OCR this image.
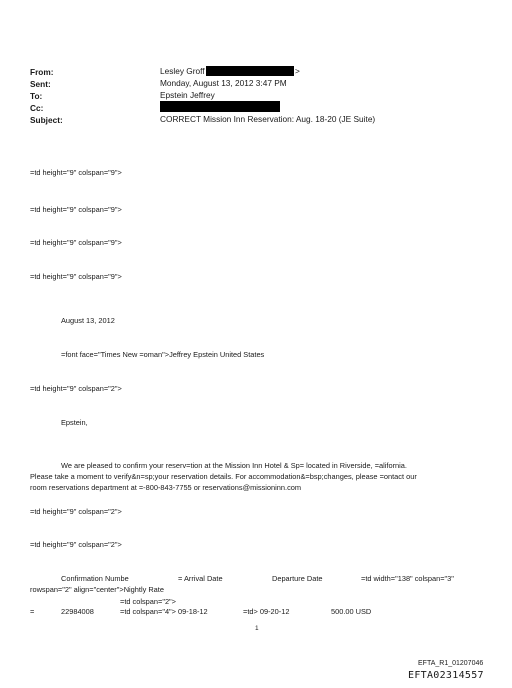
From:	Lesley Groff	>
Sent:	Monday, August 13, 2012 3:47 PM
To:	Epstein Jeffrey
Cc:
Subject:	CORRECT Mission Inn Reservation: Aug. 18-20 (JE Suite)
=td height="9" colspan="9">
=td height="9" colspan="9">
=td height="9" colspan="9">
=td height="9" colspan="9">
August 13, 2012
=font face="Times New =oman">Jeffrey Epstein United States
=td height="9" colspan="2">
Epstein,
We are pleased to confirm your reserv=tion at the Mission Inn Hotel & Sp= located in Riverside, =alifornia.
Please take a moment to verify&n=sp;your reservation details. For accommodation&=bsp;changes, please =ontact our
room reservations department at =-800-843-7755 or reservations@missioninn.com
=td height="9" colspan="2">
=td height="9" colspan="2">
Confirmation Numbe	= Arrival Date	Departure Date	=td width="138" colspan="3"
rowspan="2" align="center">Nightly Rate
=td colspan="2">
=	22984008	=td colspan="4"> 09-18-12	=td> 09-20-12	500.00 USD
1
EFTA_R1_01207046
EFTA02314557
